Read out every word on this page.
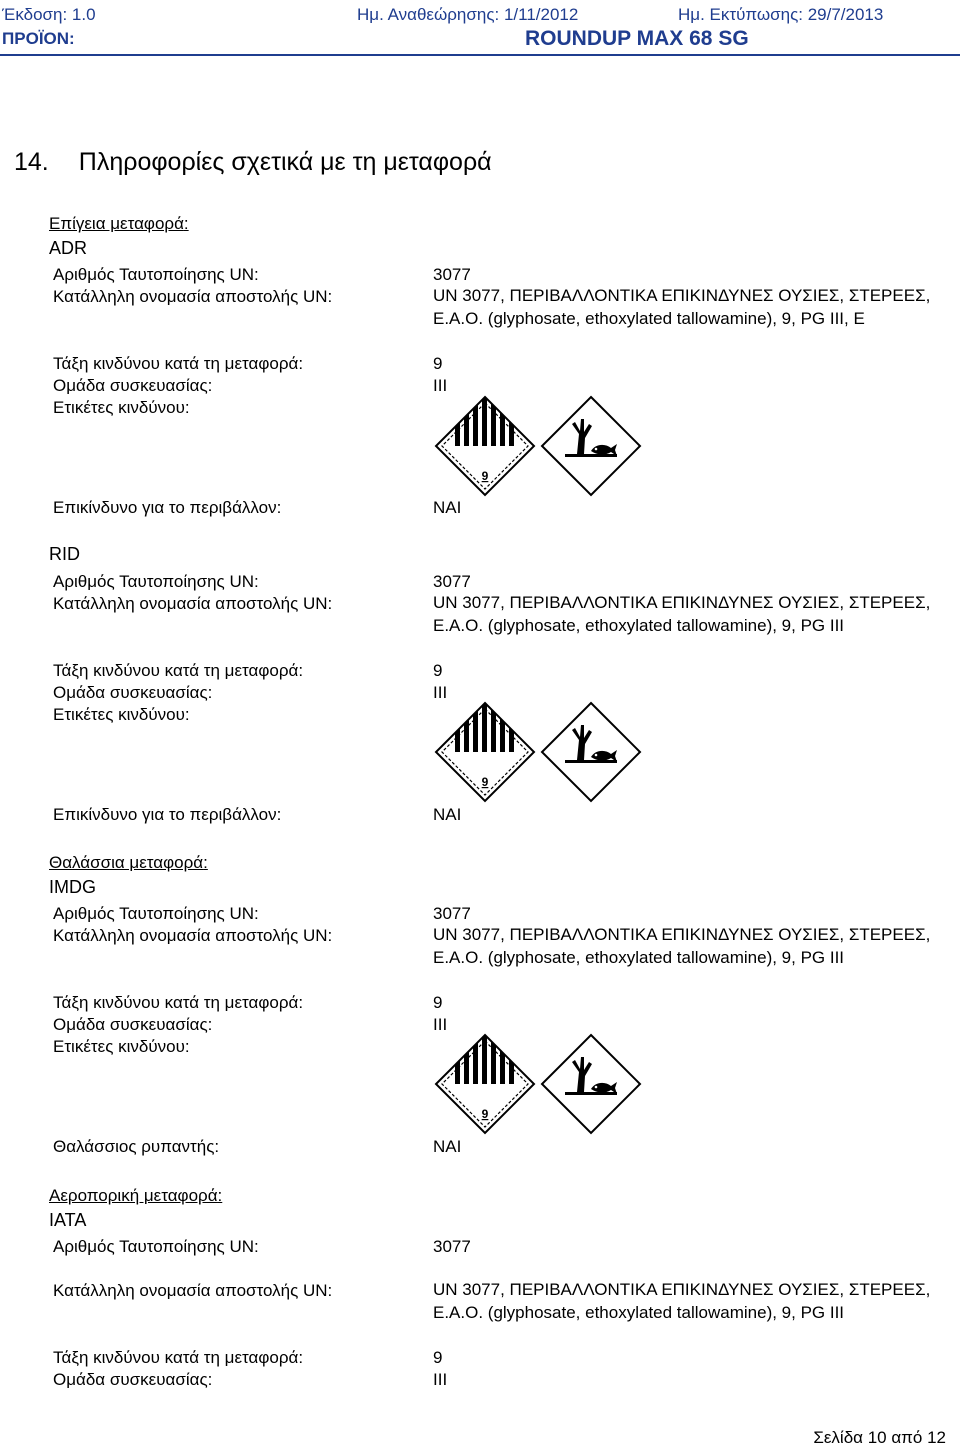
Έκδοση: 1.0	Ημ. Αναθεώρησης: 1/11/2012	Ημ. Εκτύπωσης: 29/7/2013
ΠΡΟΪΟΝ:	ROUNDUP MAX 68 SG
14. Πληροφορίες σχετικά με τη μεταφορά
Επίγεια μεταφορά:
ADR
Αριθμός Ταυτοποίησης UN:	3077
Κατάλληλη ονομασία αποστολής UN:	UN 3077, ΠΕΡΙΒΑΛΛΟΝΤΙΚΑ ΕΠΙΚΙΝΔΥΝΕΣ ΟΥΣΙΕΣ, ΣΤΕΡΕΕΣ, Ε.Α.Ο. (glyphosate, ethoxylated tallowamine), 9, PG III, E
Τάξη κινδύνου κατά τη μεταφορά:	9
Ομάδα συσκευασίας:	III
Ετικέτες κινδύνου:
Επικίνδυνο για το περιβάλλον:	ΝΑΙ
RID
Αριθμός Ταυτοποίησης UN:	3077
Κατάλληλη ονομασία αποστολής UN:	UN 3077, ΠΕΡΙΒΑΛΛΟΝΤΙΚΑ ΕΠΙΚΙΝΔΥΝΕΣ ΟΥΣΙΕΣ, ΣΤΕΡΕΕΣ, Ε.Α.Ο. (glyphosate, ethoxylated tallowamine), 9, PG III
Τάξη κινδύνου κατά τη μεταφορά:	9
Ομάδα συσκευασίας:	III
Ετικέτες κινδύνου:
Επικίνδυνο για το περιβάλλον:	ΝΑΙ
Θαλάσσια μεταφορά:
IMDG
Αριθμός Ταυτοποίησης UN:	3077
Κατάλληλη ονομασία αποστολής UN:	UN 3077, ΠΕΡΙΒΑΛΛΟΝΤΙΚΑ ΕΠΙΚΙΝΔΥΝΕΣ ΟΥΣΙΕΣ, ΣΤΕΡΕΕΣ, Ε.Α.Ο. (glyphosate, ethoxylated tallowamine), 9, PG III
Τάξη κινδύνου κατά τη μεταφορά:	9
Ομάδα συσκευασίας:	III
Ετικέτες κινδύνου:
Θαλάσσιος ρυπαντής:	ΝΑΙ
Αεροπορική μεταφορά:
IATA
Αριθμός Ταυτοποίησης UN:	3077
Κατάλληλη ονομασία αποστολής UN:	UN 3077, ΠΕΡΙΒΑΛΛΟΝΤΙΚΑ ΕΠΙΚΙΝΔΥΝΕΣ ΟΥΣΙΕΣ, ΣΤΕΡΕΕΣ, Ε.Α.Ο. (glyphosate, ethoxylated tallowamine), 9, PG III
Τάξη κινδύνου κατά τη μεταφορά:	9
Ομάδα συσκευασίας:	III
Σελίδα 10 από 12
